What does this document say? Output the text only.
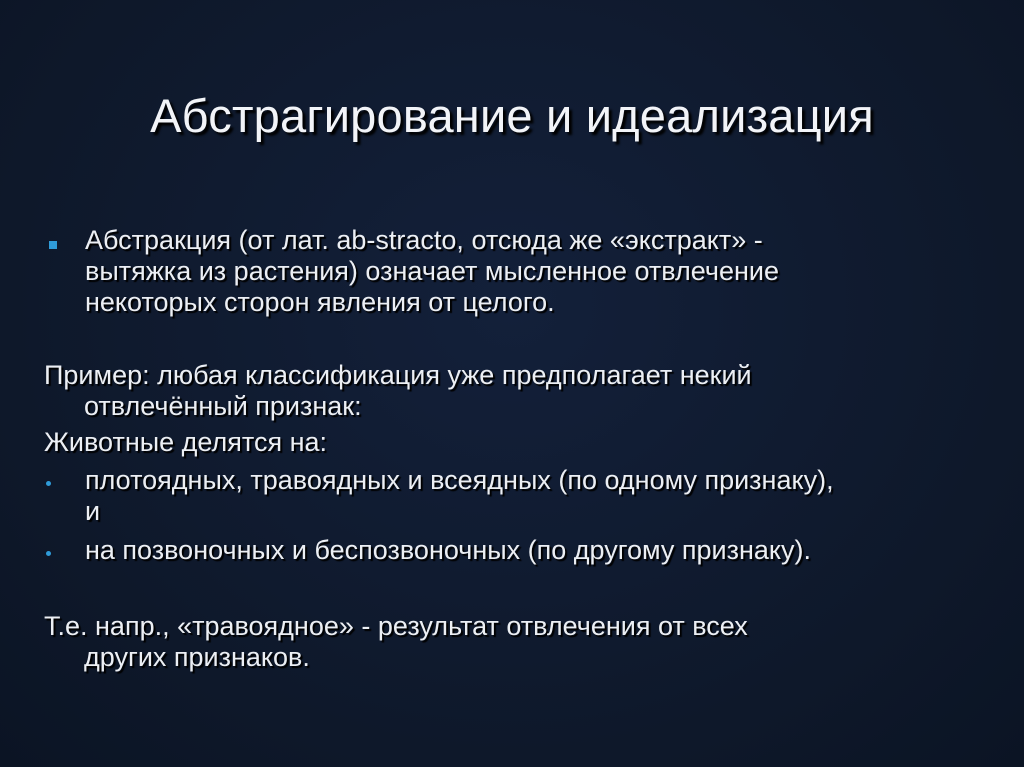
Абстрагирование и идеализация
Абстракция (от лат. ab-stracto, отсюда же «экстракт» -
вытяжка из растения) означает мысленное отвлечение
некоторых сторон явления от целого.
Пример: любая классификация уже предполагает некий
отвлечённый признак:
Животные делятся на:
плотоядных, травоядных и всеядных (по одному признаку),
и
на позвоночных и беспозвоночных (по другому признаку).
Т.е. напр., «травоядное» - результат отвлечения от всех
других признаков.
